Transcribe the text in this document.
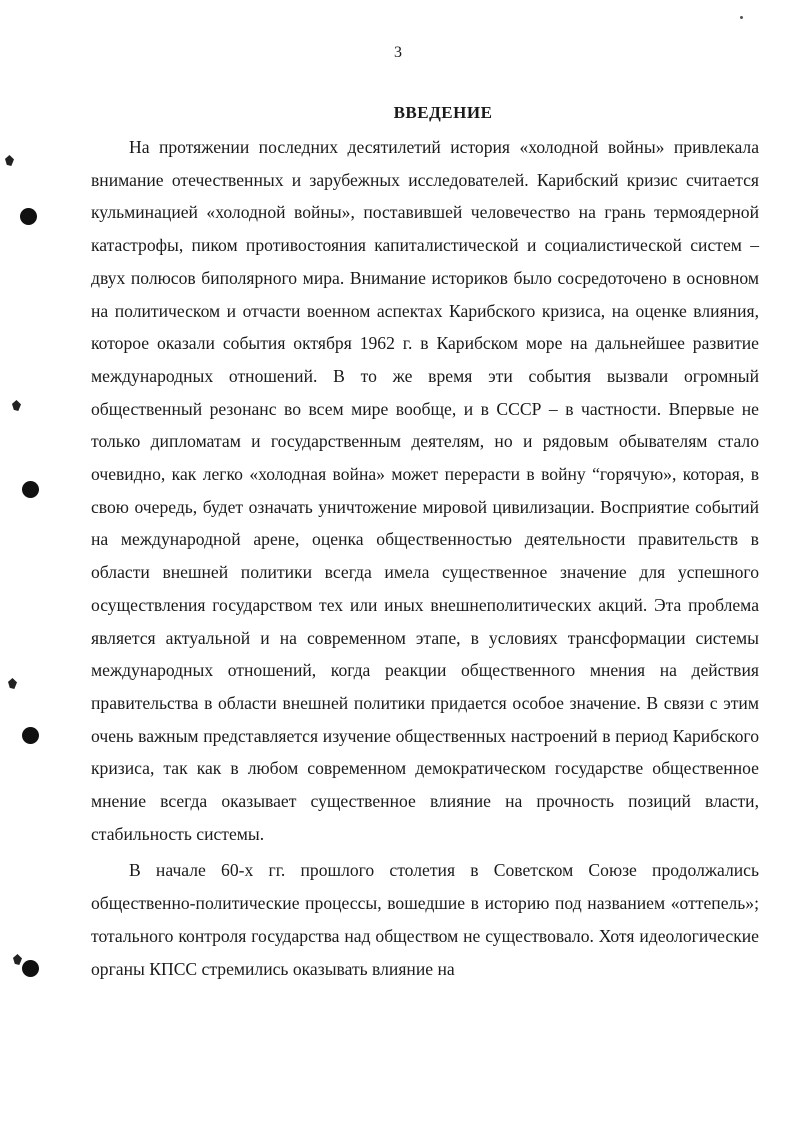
3
ВВЕДЕНИЕ

На протяжении последних десятилетий история «холодной войны» привлекала внимание отечественных и зарубежных исследователей. Карибский кризис считается кульминацией «холодной войны», поставившей человечество на грань термоядерной катастрофы, пиком противостояния капиталистической и социалистической систем – двух полюсов биполярного мира. Внимание историков было сосредоточено в основном на политическом и отчасти военном аспектах Карибского кризиса, на оценке влияния, которое оказали события октября 1962 г. в Карибском море на дальнейшее развитие международных отношений. В то же время эти события вызвали огромный общественный резонанс во всем мире вообще, и в СССР – в частности. Впервые не только дипломатам и государственным деятелям, но и рядовым обывателям стало очевидно, как легко «холодная война» может перерасти в войну “горячую», которая, в свою очередь, будет означать уничтожение мировой цивилизации. Восприятие событий на международной арене, оценка общественностью деятельности правительств в области внешней политики всегда имела существенное значение для успешного осуществления государством тех или иных внешнеполитических акций. Эта проблема является актуальной и на современном этапе, в условиях трансформации системы международных отношений, когда реакции общественного мнения на действия правительства в области внешней политики придается особое значение. В связи с этим очень важным представляется изучение общественных настроений в период Карибского кризиса, так как в любом современном демократическом государстве общественное мнение всегда оказывает существенное влияние на прочность позиций власти, стабильность системы.

В начале 60-х гг. прошлого столетия в Советском Союзе продолжались общественно-политические процессы, вошедшие в историю под названием «оттепель»; тотального контроля государства над обществом не существовало. Хотя идеологические органы КПСС стремились оказывать влияние на
